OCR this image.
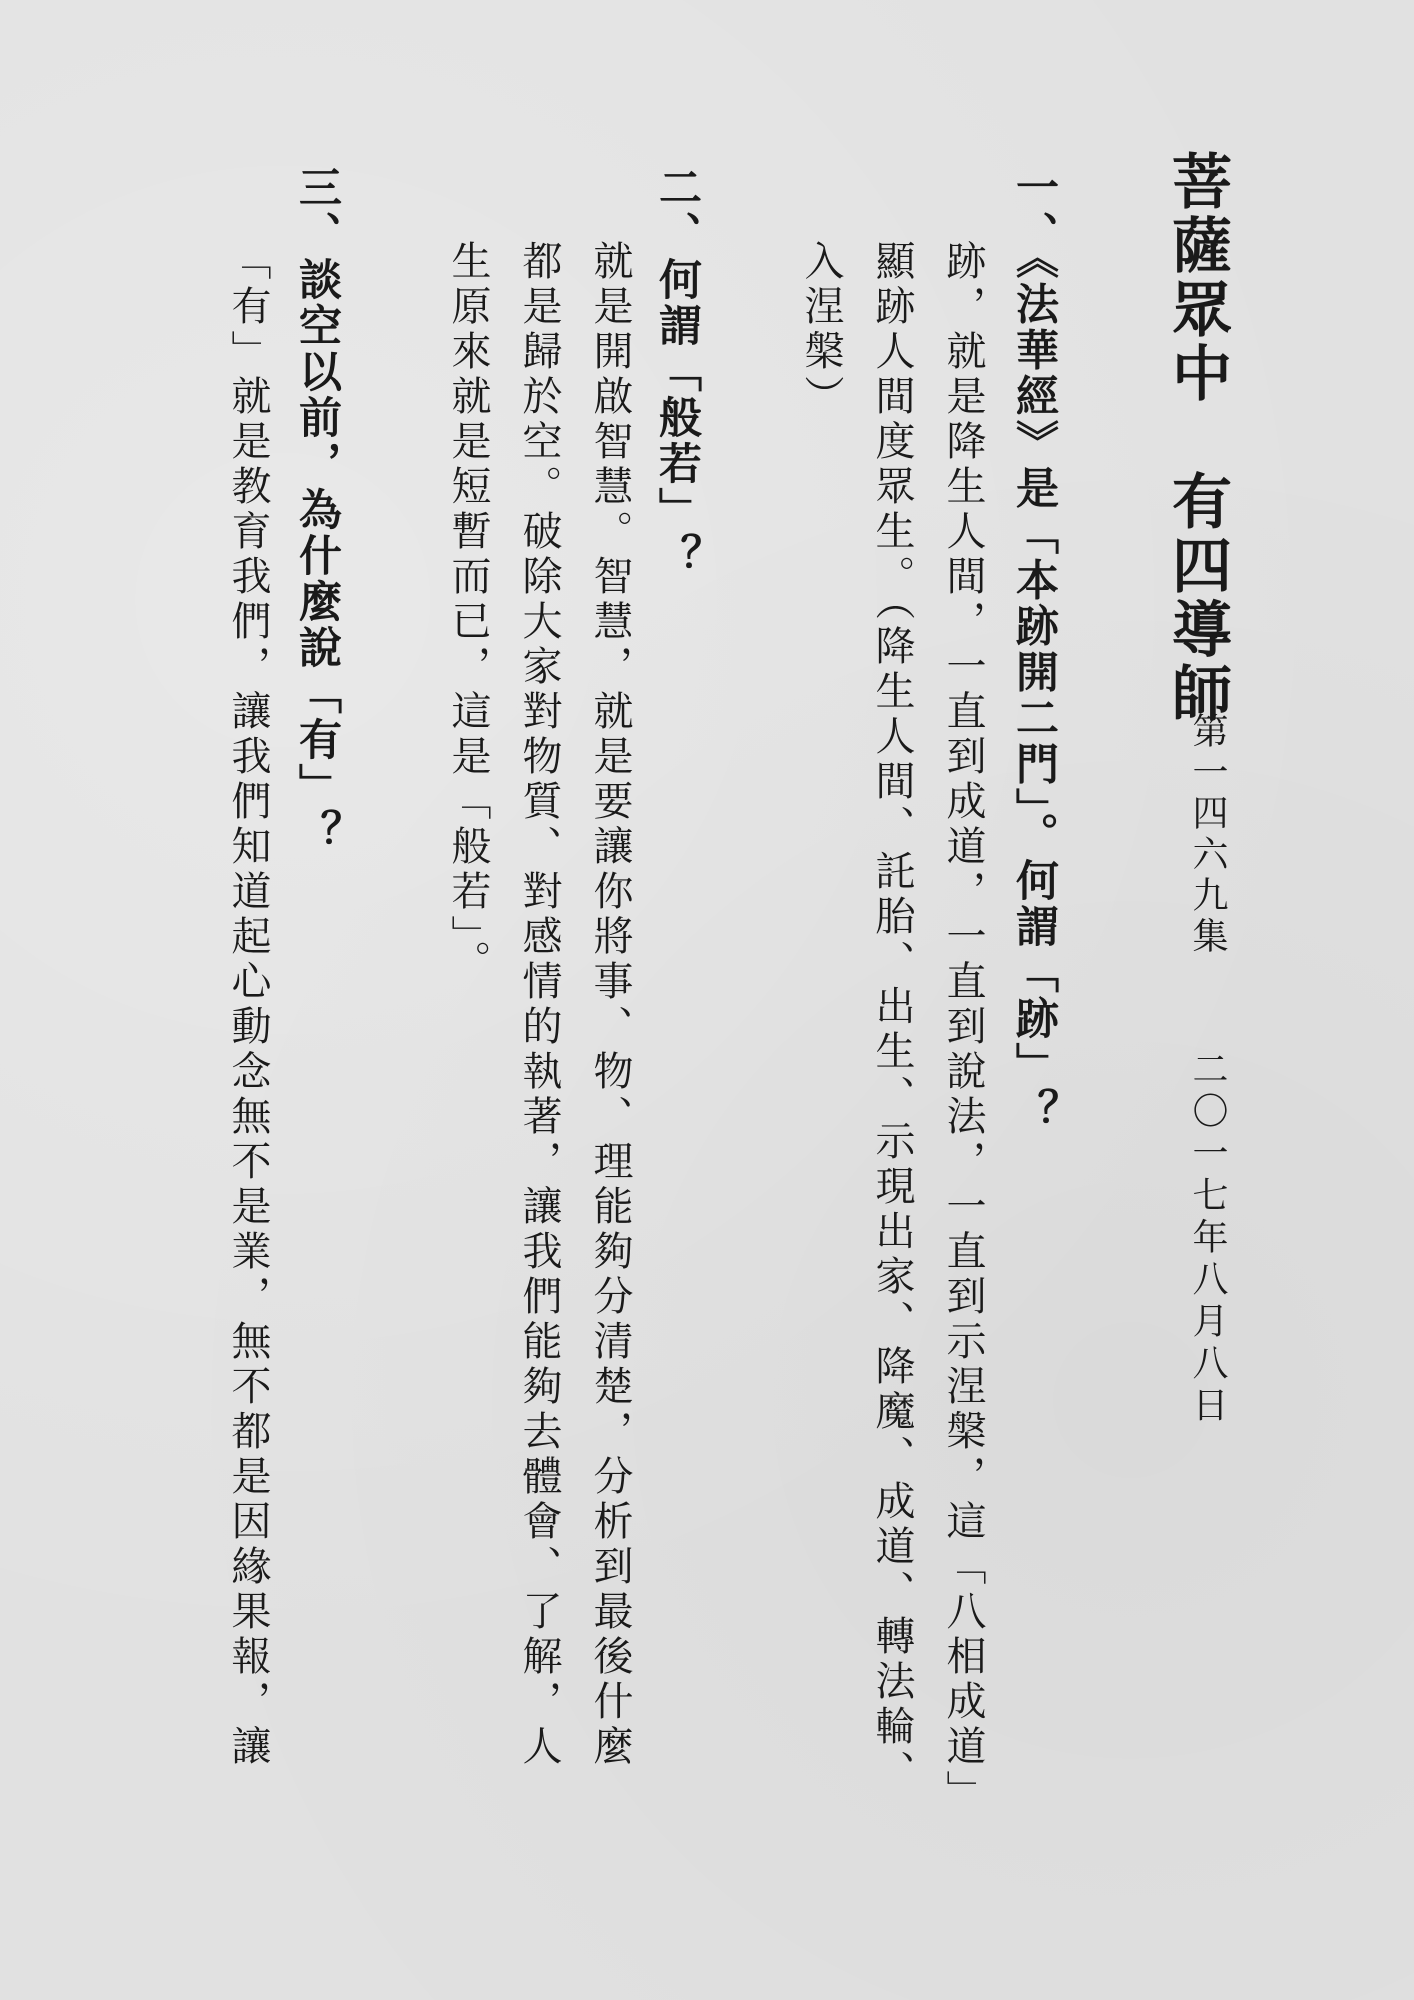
菩薩眾中　有四導師
第一四六九集
二〇一七年八月八日
一、《法華經》是「本跡開二門」。何謂「跡」？
跡，就是降生人間，一直到成道，一直到說法，一直到示涅槃，這「八相成道」
顯跡人間度眾生。（降生人間、託胎、出生、示現出家、降魔、成道、轉法輪、
入涅槃）
二、何謂「般若」？
就是開啟智慧。智慧，就是要讓你將事、物、理能夠分清楚，分析到最後什麼
都是歸於空。破除大家對物質、對感情的執著，讓我們能夠去體會、了解，人
生原來就是短暫而已，這是「般若」。
三、談空以前，為什麼說「有」？
「有」就是教育我們，讓我們知道起心動念無不是業，無不都是因緣果報，讓
